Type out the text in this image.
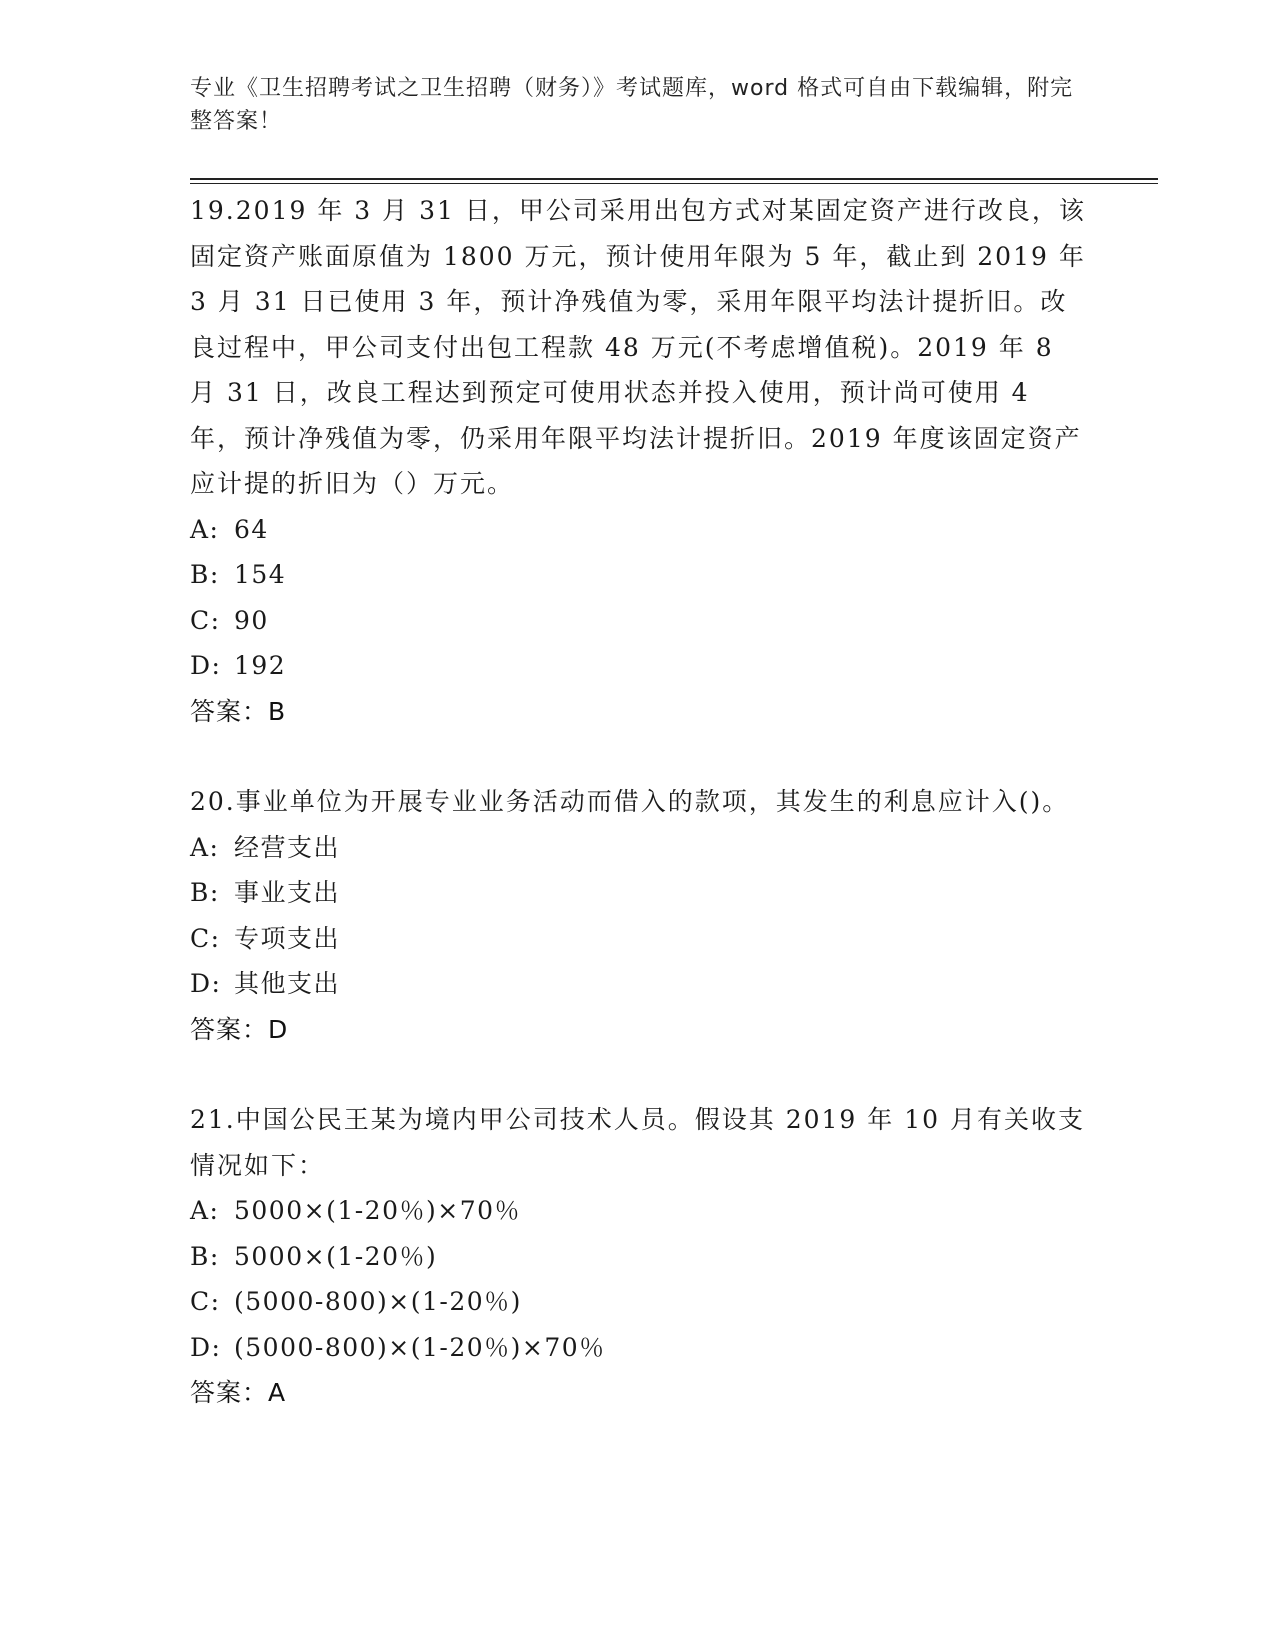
专业《卫生招聘考试之卫生招聘（财务）》考试题库，word 格式可自由下载编辑，附完整答案！

19.2019 年 3 月 31 日，甲公司采用出包方式对某固定资产进行改良，该固定资产账面原值为 1800 万元，预计使用年限为 5 年，截止到 2019 年 3 月 31 日已使用 3 年，预计净残值为零，采用年限平均法计提折旧。改良过程中，甲公司支付出包工程款 48 万元(不考虑增值税)。2019 年 8 月 31 日，改良工程达到预定可使用状态并投入使用，预计尚可使用 4 年，预计净残值为零，仍采用年限平均法计提折旧。2019 年度该固定资产应计提的折旧为（）万元。

A: 64
B: 154
C: 90
D: 192
答案：B

20.事业单位为开展专业业务活动而借入的款项，其发生的利息应计入()。

A: 经营支出
B: 事业支出
C: 专项支出
D: 其他支出
答案：D

21.中国公民王某为境内甲公司技术人员。假设其 2019 年 10 月有关收支情况如下：

A: 5000×(1-20％)×70％
B: 5000×(1-20％)
C: (5000-800)×(1-20％)
D: (5000-800)×(1-20％)×70％
答案：A
